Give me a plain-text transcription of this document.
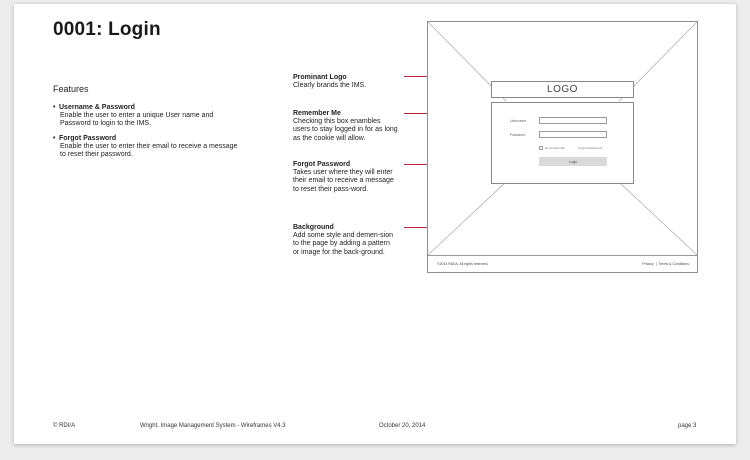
0001: Login
Features
• Username & Password
Enable the user to enter a unique User name and Password to login to the IMS.
• Forgot Password
Enable the user to enter their email to receive a message to reset their password.
Prominant Logo
Clearly brands the IMS.
Remember Me
Checking this box enambles users to stay logged in for as long as the cookie will allow.
Forgot Password
Takes user where they will enter their email to receive a message to reset their pass-word.
Background
Add some style and demen-sion to the page by adding a pattern or image for the back-ground.
LOGO
Username
Password
Remember Me	Forgot Password?
Login
©2014 RDI/A. All rights reserved.	Privacy | Terms & Conditions
© RDI/A	Wright, Image Management System - Wireframes V4.3	October 20, 2014	page 3
